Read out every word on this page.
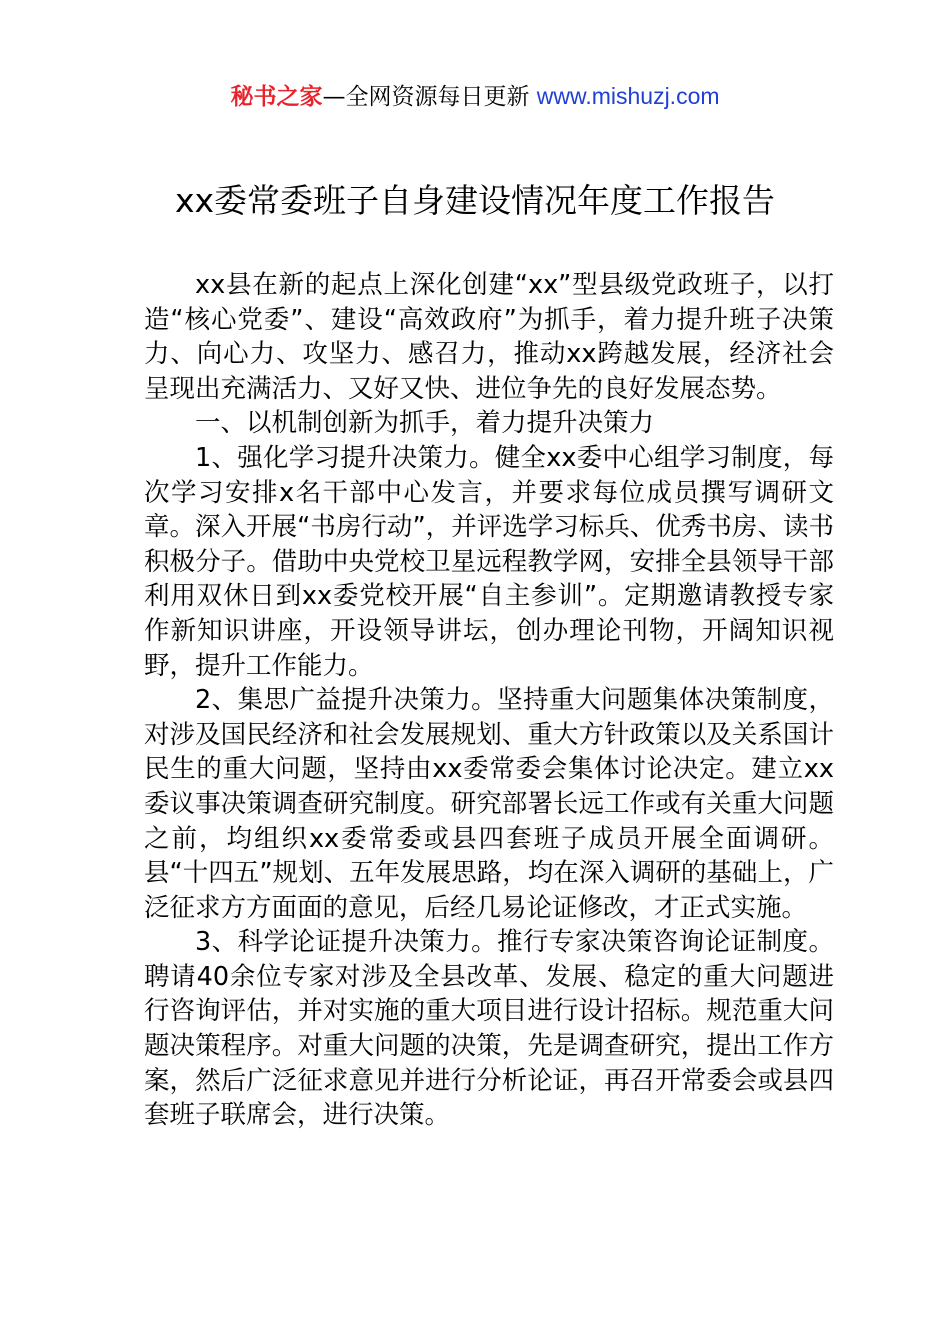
秘书之家—全网资源每日更新 www.mishuzj.com
xx委常委班子自身建设情况年度工作报告

xx县在新的起点上深化创建“xx”型县级党政班子，以打造“核心党委”、建设“高效政府”为抓手，着力提升班子决策力、向心力、攻坚力、感召力，推动xx跨越发展，经济社会呈现出充满活力、又好又快、进位争先的良好发展态势。

一、以机制创新为抓手，着力提升决策力

1、强化学习提升决策力。健全xx委中心组学习制度，每次学习安排x名干部中心发言，并要求每位成员撰写调研文章。深入开展“书房行动”，并评选学习标兵、优秀书房、读书积极分子。借助中央党校卫星远程教学网，安排全县领导干部利用双休日到xx委党校开展“自主参训”。定期邀请教授专家作新知识讲座，开设领导讲坛，创办理论刊物，开阔知识视野，提升工作能力。

2、集思广益提升决策力。坚持重大问题集体决策制度，对涉及国民经济和社会发展规划、重大方针政策以及关系国计民生的重大问题，坚持由xx委常委会集体讨论决定。建立xx委议事决策调查研究制度。研究部署长远工作或有关重大问题之前，均组织xx委常委或县四套班子成员开展全面调研。县“十四五”规划、五年发展思路，均在深入调研的基础上，广泛征求方方面面的意见，后经几易论证修改，才正式实施。

3、科学论证提升决策力。推行专家决策咨询论证制度。聘请40余位专家对涉及全县改革、发展、稳定的重大问题进行咨询评估，并对实施的重大项目进行设计招标。规范重大问题决策程序。对重大问题的决策，先是调查研究，提出工作方案，然后广泛征求意见并进行分析论证，再召开常委会或县四套班子联席会，进行决策。
